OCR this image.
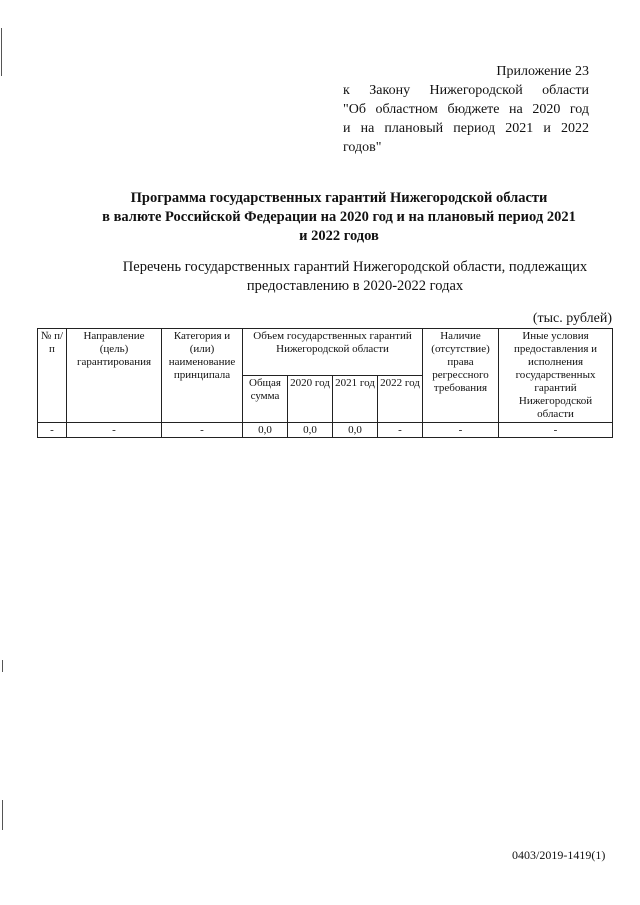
Приложение 23
к Закону Нижегородской области
"Об областном бюджете на 2020 год
и на плановый период 2021 и 2022
годов"
Программа государственных гарантий Нижегородской области
в валюте Российской Федерации на 2020 год и на плановый период 2021
и 2022 годов
Перечень государственных гарантий Нижегородской области, подлежащих
предоставлению в 2020-2022 годах
(тыс. рублей)
№ п/п	Направление (цель) гарантирования	Категория и (или) наименование принципала	Объем государственных гарантий Нижегородской области				Наличие (отсутствие) права регрессного требования	Иные условия предоставления и исполнения государственных гарантий Нижегородской области
			Общая сумма	2020 год	2021 год	2022 год		
-	-	-	0,0	0,0	0,0	-	-	-
0403/2019-1419(1)
